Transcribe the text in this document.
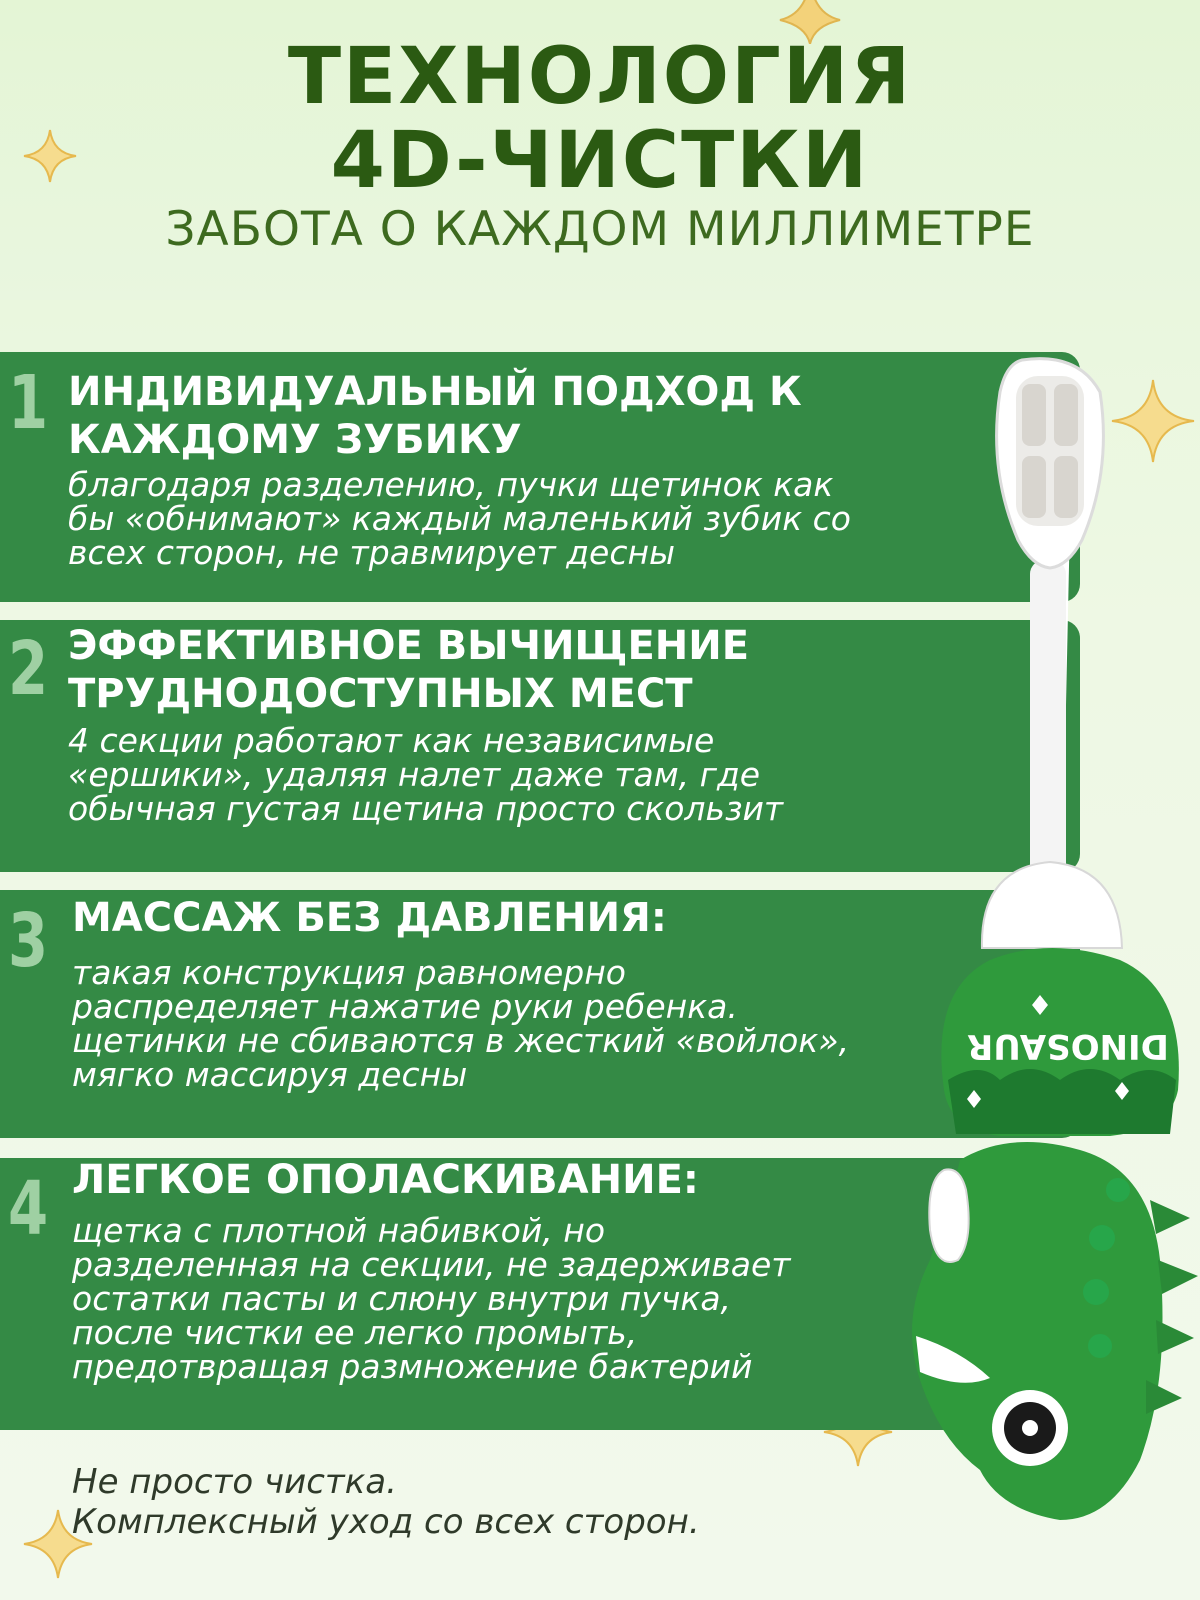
ТЕХНОЛОГИЯ
4D-ЧИСТКИ
ЗАБОТА О КАЖДОМ МИЛЛИМЕТРЕ
1 ИНДИВИДУАЛЬНЫЙ ПОДХОД К
КАЖДОМУ ЗУБИКУ
благодаря разделению, пучки щетинок как
бы «обнимают» каждый маленький зубик со
всех сторон, не травмирует десны
2 ЭФФЕКТИВНОЕ ВЫЧИЩЕНИЕ
ТРУДНОДОСТУПНЫХ МЕСТ
4 секции работают как независимые
«ершики», удаляя налет даже там, где
обычная густая щетина просто скользит
3 МАССАЖ БЕЗ ДАВЛЕНИЯ:
такая конструкция равномерно
распределяет нажатие руки ребенка.
щетинки не сбиваются в жесткий «войлок»,
мягко массируя десны
4 ЛЕГКОЕ ОПОЛАСКИВАНИЕ:
щетка с плотной набивкой, но
разделенная на секции, не задерживает
остатки пасты и слюну внутри пучка,
после чистки ее легко промыть,
предотвращая размножение бактерий
DINOSAUR
Не просто чистка.
Комплексный уход со всех сторон.
